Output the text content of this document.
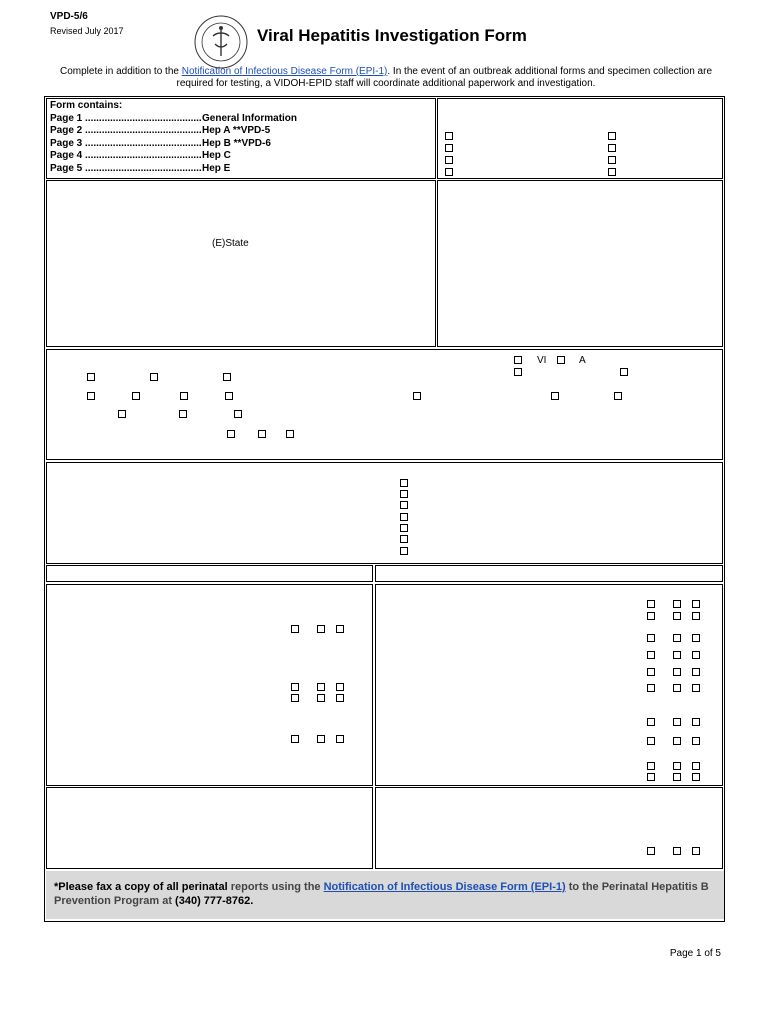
VPD-5/6
Revised July 2017	Viral Hepatitis Investigation Form
Complete in addition to the Notification of Infectious Disease Form (EPI-1). In the event of an outbreak additional forms and specimen collection are required for testing, a VIDOH-EPID staff will coordinate additional paperwork and investigation.
Form contains:
Page 1 .......................................... General Information
Page 2 .......................................... Hep A **VPD-5
Page 3 .......................................... Hep B **VPD-6
Page 4 .......................................... Hep C
Page 5 .......................................... Hep E
(E)State
VI	A
*Please fax a copy of all perinatal reports using the Notification of Infectious Disease Form (EPI-1) to the Perinatal Hepatitis B Prevention Program at (340) 777-8762.
Page 1 of 5
